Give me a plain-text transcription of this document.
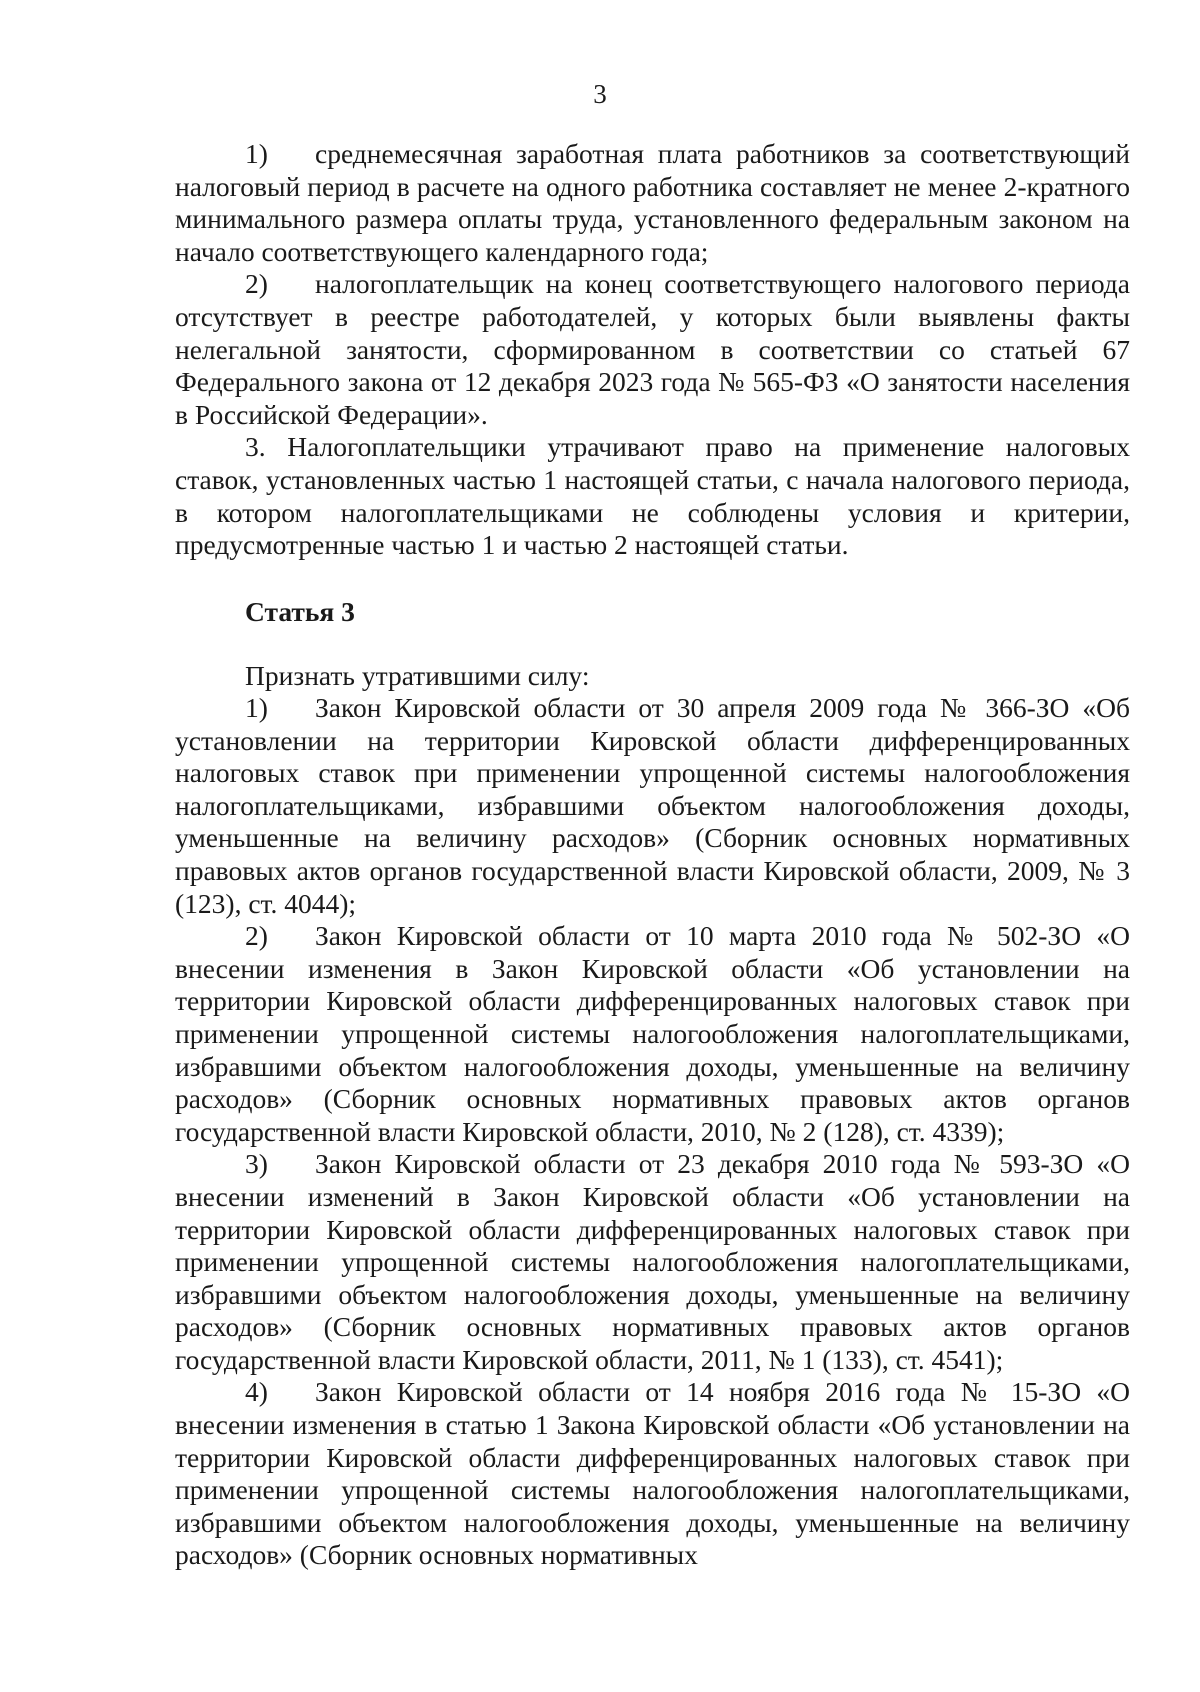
3

1) среднемесячная заработная плата работников за соответствующий налоговый период в расчете на одного работника составляет не менее 2-кратного минимального размера оплаты труда, установленного федеральным законом на начало соответствующего календарного года;

2) налогоплательщик на конец соответствующего налогового периода отсутствует в реестре работодателей, у которых были выявлены факты нелегальной занятости, сформированном в соответствии со статьей 67 Федерального закона от 12 декабря 2023 года № 565-ФЗ «О занятости населения в Российской Федерации».

3. Налогоплательщики утрачивают право на применение налоговых ставок, установленных частью 1 настоящей статьи, с начала налогового периода, в котором налогоплательщиками не соблюдены условия и критерии, предусмотренные частью 1 и частью 2 настоящей статьи.

Статья 3
Признать утратившими силу:

1) Закон Кировской области от 30 апреля 2009 года № 366-ЗО «Об установлении на территории Кировской области дифференцированных налоговых ставок при применении упрощенной системы налогообложения налогоплательщиками, избравшими объектом налогообложения доходы, уменьшенные на величину расходов» (Сборник основных нормативных правовых актов органов государственной власти Кировской области, 2009, № 3 (123), ст. 4044);

2) Закон Кировской области от 10 марта 2010 года № 502-ЗО «О внесении изменения в Закон Кировской области «Об установлении на территории Кировской области дифференцированных налоговых ставок при применении упрощенной системы налогообложения налогоплательщиками, избравшими объектом налогообложения доходы, уменьшенные на величину расходов» (Сборник основных нормативных правовых актов органов государственной власти Кировской области, 2010, № 2 (128), ст. 4339);

3) Закон Кировской области от 23 декабря 2010 года № 593-ЗО «О внесении изменений в Закон Кировской области «Об установлении на территории Кировской области дифференцированных налоговых ставок при применении упрощенной системы налогообложения налогоплательщиками, избравшими объектом налогообложения доходы, уменьшенные на величину расходов» (Сборник основных нормативных правовых актов органов государственной власти Кировской области, 2011, № 1 (133), ст. 4541);

4) Закон Кировской области от 14 ноября 2016 года № 15-ЗО «О внесении изменения в статью 1 Закона Кировской области «Об установлении на территории Кировской области дифференцированных налоговых ставок при применении упрощенной системы налогообложения налогоплательщиками, избравшими объектом налогообложения доходы, уменьшенные на величину расходов» (Сборник основных нормативных
